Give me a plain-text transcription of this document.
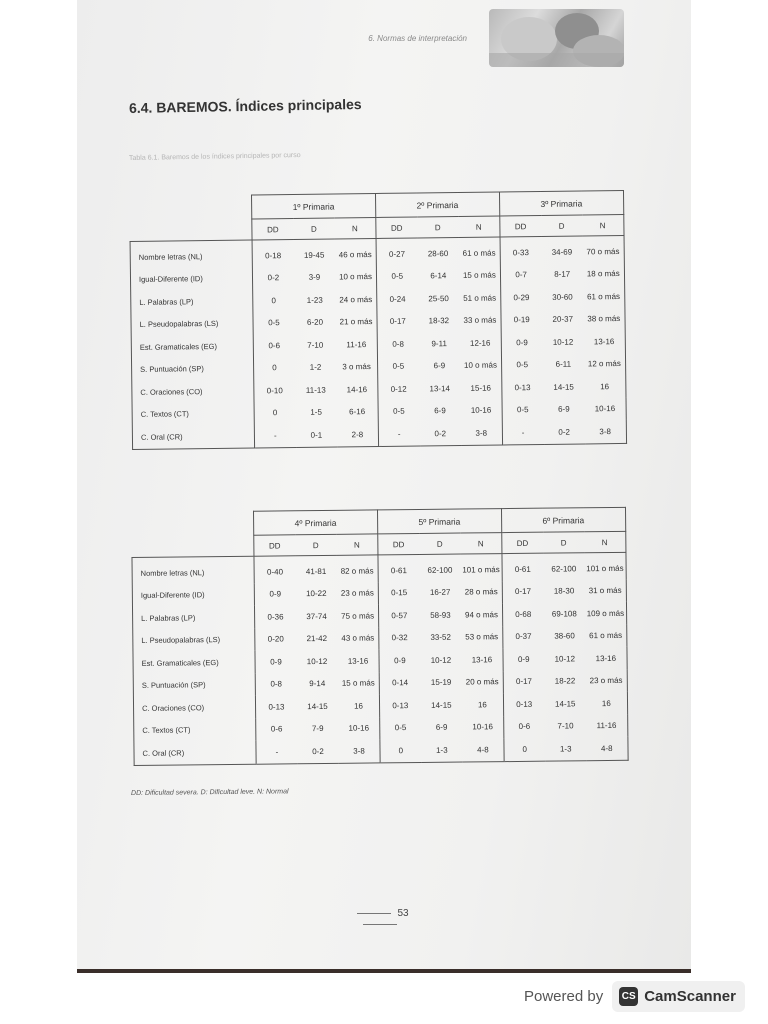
6. Normas de interpretación
6.4. BAREMOS. Índices principales
Tabla 6.1. Baremos de los índices principales por curso
	1º Primaria			2º Primaria			3º Primaria		
	DD	D	N	DD	D	N	DD	D	N
Nombre letras (NL)	0-18	19-45	46 o más	0-27	28-60	61 o más	0-33	34-69	70 o más
Igual-Diferente (ID)	0-2	3-9	10 o más	0-5	6-14	15 o más	0-7	8-17	18 o más
L. Palabras (LP)	0	1-23	24 o más	0-24	25-50	51 o más	0-29	30-60	61 o más
L. Pseudopalabras (LS)	0-5	6-20	21 o más	0-17	18-32	33 o más	0-19	20-37	38 o más
Est. Gramaticales (EG)	0-6	7-10	11-16	0-8	9-11	12-16	0-9	10-12	13-16
S. Puntuación (SP)	0	1-2	3 o más	0-5	6-9	10 o más	0-5	6-11	12 o más
C. Oraciones (CO)	0-10	11-13	14-16	0-12	13-14	15-16	0-13	14-15	16
C. Textos (CT)	0	1-5	6-16	0-5	6-9	10-16	0-5	6-9	10-16
C. Oral (CR)	-	0-1	2-8	-	0-2	3-8	-	0-2	3-8
	4º Primaria			5º Primaria			6º Primaria		
	DD	D	N	DD	D	N	DD	D	N
Nombre letras (NL)	0-40	41-81	82 o más	0-61	62-100	101 o más	0-61	62-100	101 o más
Igual-Diferente (ID)	0-9	10-22	23 o más	0-15	16-27	28 o más	0-17	18-30	31 o más
L. Palabras (LP)	0-36	37-74	75 o más	0-57	58-93	94 o más	0-68	69-108	109 o más
L. Pseudopalabras (LS)	0-20	21-42	43 o más	0-32	33-52	53 o más	0-37	38-60	61 o más
Est. Gramaticales (EG)	0-9	10-12	13-16	0-9	10-12	13-16	0-9	10-12	13-16
S. Puntuación (SP)	0-8	9-14	15 o más	0-14	15-19	20 o más	0-17	18-22	23 o más
C. Oraciones (CO)	0-13	14-15	16	0-13	14-15	16	0-13	14-15	16
C. Textos (CT)	0-6	7-9	10-16	0-5	6-9	10-16	0-6	7-10	11-16
C. Oral (CR)	-	0-2	3-8	0	1-3	4-8	0	1-3	4-8
DD: Dificultad severa. D: Dificultad leve. N: Normal
53
Powered by CS CamScanner
